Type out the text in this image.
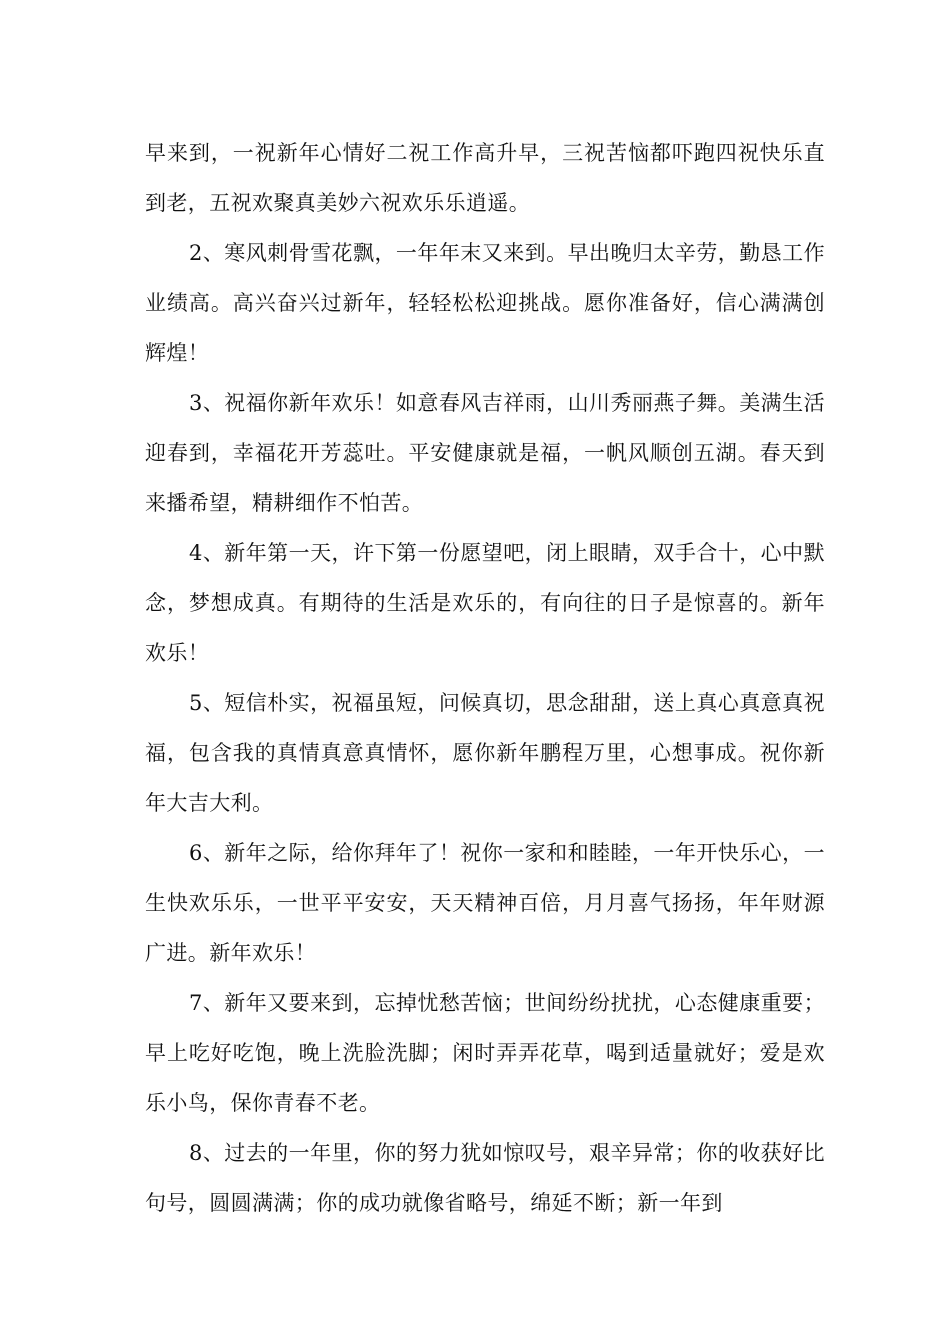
早来到，一祝新年心情好二祝工作高升早，三祝苦恼都吓跑四祝快乐直到老，五祝欢聚真美妙六祝欢乐乐逍遥。

2、寒风刺骨雪花飘，一年年末又来到。早出晚归太辛劳，勤恳工作业绩高。高兴奋兴过新年，轻轻松松迎挑战。愿你准备好，信心满满创辉煌！

3、祝福你新年欢乐！如意春风吉祥雨，山川秀丽燕子舞。美满生活迎春到，幸福花开芳蕊吐。平安健康就是福，一帆风顺创五湖。春天到来播希望，精耕细作不怕苦。

4、新年第一天，许下第一份愿望吧，闭上眼睛，双手合十，心中默念，梦想成真。有期待的生活是欢乐的，有向往的日子是惊喜的。新年欢乐！

5、短信朴实，祝福虽短，问候真切，思念甜甜，送上真心真意真祝福，包含我的真情真意真情怀，愿你新年鹏程万里，心想事成。祝你新年大吉大利。

6、新年之际，给你拜年了！祝你一家和和睦睦，一年开快乐心，一生快欢乐乐，一世平平安安，天天精神百倍，月月喜气扬扬，年年财源广进。新年欢乐！

7、新年又要来到，忘掉忧愁苦恼；世间纷纷扰扰，心态健康重要；早上吃好吃饱，晚上洗脸洗脚；闲时弄弄花草，喝到适量就好；爱是欢乐小鸟，保你青春不老。

8、过去的一年里，你的努力犹如惊叹号，艰辛异常；你的收获好比句号，圆圆满满；你的成功就像省略号，绵延不断；新一年到
